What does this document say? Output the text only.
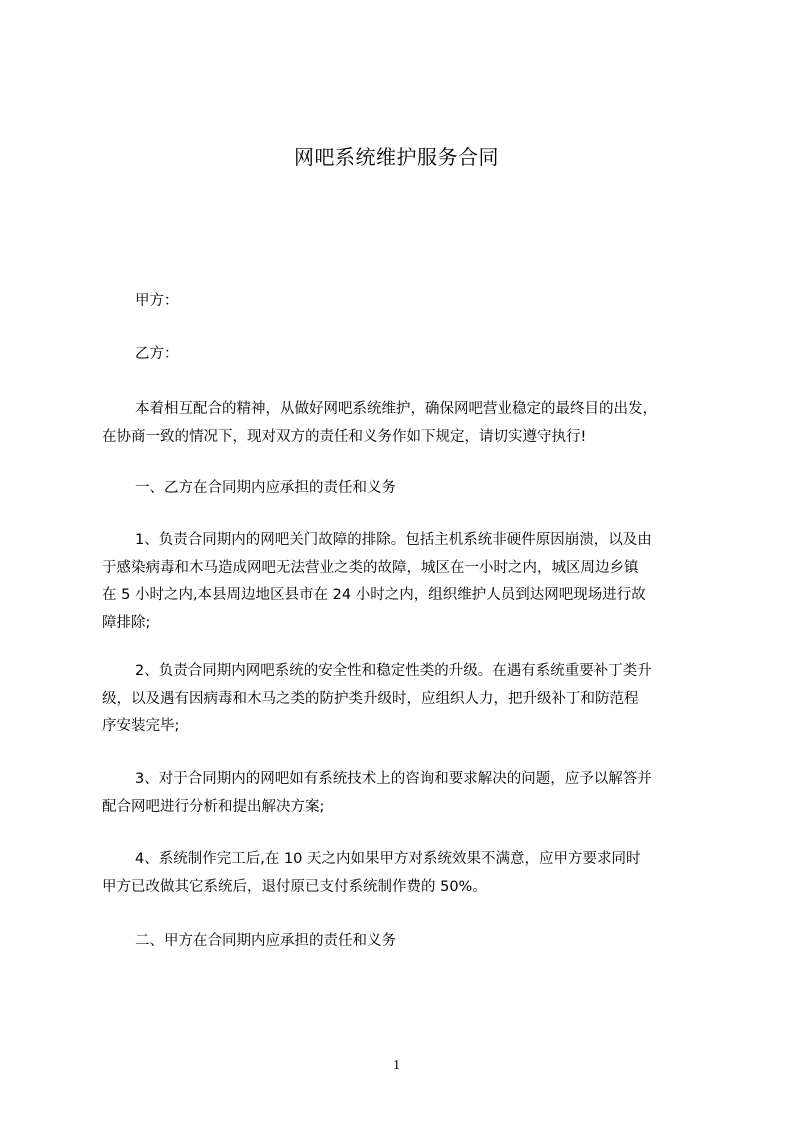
网吧系统维护服务合同
甲方：
乙方：
本着相互配合的精神，从做好网吧系统维护，确保网吧营业稳定的最终目的出发，
在协商一致的情况下，现对双方的责任和义务作如下规定，请切实遵守执行!
一、乙方在合同期内应承担的责任和义务
1、负责合同期内的网吧关门故障的排除。包括主机系统非硬件原因崩溃，以及由
于感染病毒和木马造成网吧无法营业之类的故障，城区在一小时之内，城区周边乡镇
在 5 小时之内,本县周边地区县市在 24 小时之内，组织维护人员到达网吧现场进行故
障排除;
2、负责合同期内网吧系统的安全性和稳定性类的升级。在遇有系统重要补丁类升
级，以及遇有因病毒和木马之类的防护类升级时，应组织人力，把升级补丁和防范程
序安装完毕;
3、对于合同期内的网吧如有系统技术上的咨询和要求解决的问题，应予以解答并
配合网吧进行分析和提出解决方案;
4、系统制作完工后,在 10 天之内如果甲方对系统效果不满意，应甲方要求同时
甲方已改做其它系统后，退付原已支付系统制作费的 50%。
二、甲方在合同期内应承担的责任和义务
1
